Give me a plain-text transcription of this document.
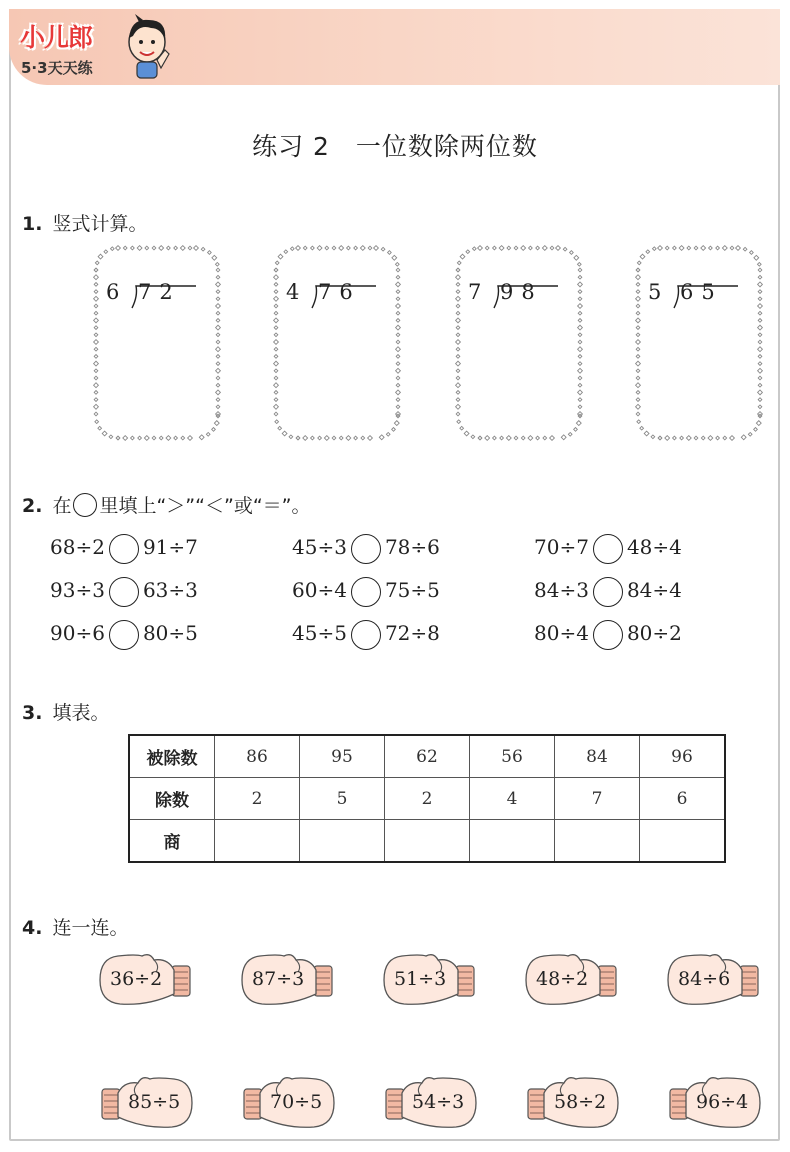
小儿郎
5·3天天练
练习 2　一位数除两位数
1. 竖式计算。
6 72	4 76	7 98	5 65
2. 在 里填上“＞”“＜”或“＝”。
68÷2 91÷7	45÷3 78÷6	70÷7 48÷4
93÷3 63÷3	60÷4 75÷5	84÷3 84÷4
90÷6 80÷5	45÷5 72÷8	80÷4 80÷2
3. 填表。
被除数	86	95	62	56	84	96
除数	2	5	2	4	7	6
商						
4. 连一连。
36÷2	87÷3	51÷3	48÷2	84÷6
85÷5	70÷5	54÷3	58÷2	96÷4
